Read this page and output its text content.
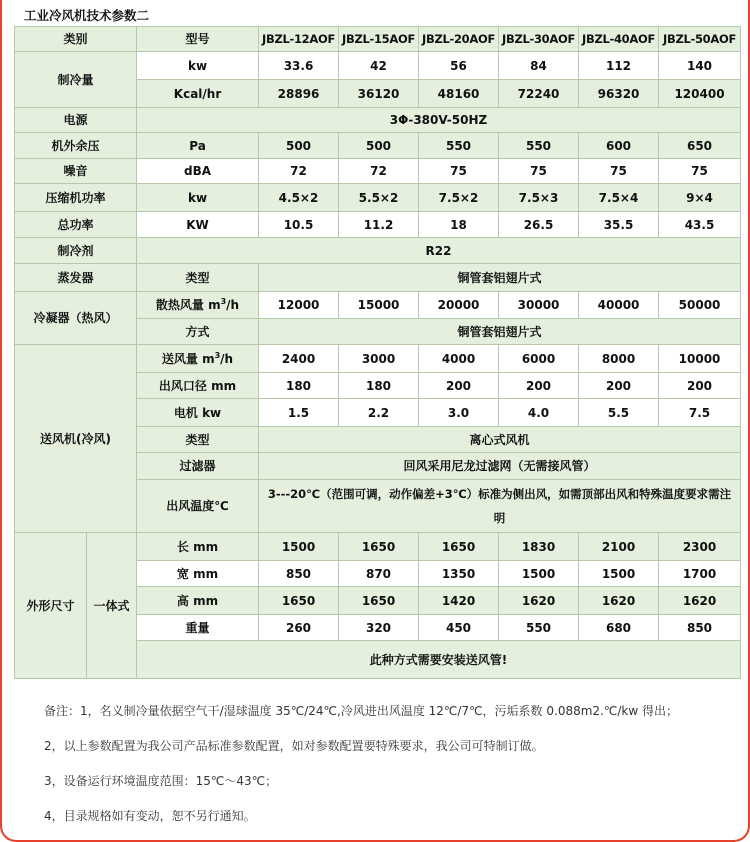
工业冷风机技术参数二
类别		型号	JBZL-12AOF	JBZL-15AOF	JBZL-20AOF	JBZL-30AOF	JBZL-40AOF	JBZL-50AOF
制冷量		kw	33.6	42	56	84	112	140
		Kcal/hr	28896	36120	48160	72240	96320	120400
电源		3Φ-380V-50HZ						
机外余压		Pa	500	500	550	550	600	650
噪音		dBA	72	72	75	75	75	75
压缩机功率		kw	4.5×2	5.5×2	7.5×2	7.5×3	7.5×4	9×4
总功率		KW	10.5	11.2	18	26.5	35.5	43.5
制冷剂		R22						
蒸发器		类型	铜管套铝翅片式					
冷凝器（热风）		散热风量 $m^3/h$	12000	15000	20000	30000	40000	50000
		方式	铜管套铝翅片式					
送风机(冷风)		送风量 $m^3/h$	2400	3000	4000	6000	8000	10000
		出风口径 mm	180	180	200	200	200	200
		电机 kw	1.5	2.2	3.0	4.0	5.5	7.5
		类型	离心式风机					
		过滤器	回风采用尼龙过滤网（无需接风管）					
		出风温度℃	3---20℃（范围可调，动作偏差+3℃）标准为侧出风，如需顶部出风和特殊温度要求需注明					

外形尺寸	一体式	长 mm	1500	1650	1650	1830	2100	2300
		宽 mm	850	870	1350	1500	1500	1700
		高 mm	1650	1650	1420	1620	1620	1620
		重量	260	320	450	550	680	850
		此种方式需要安装送风管!						
备注：1，名义制冷量依据空气干/湿球温度 35℃/24℃,冷风进出风温度 12℃/7℃，污垢系数 0.088m2.℃/kw 得出；
2，以上参数配置为我公司产品标准参数配置，如对参数配置要特殊要求，我公司可特制订做。
3，设备运行环境温度范围：15℃～43℃；
4，目录规格如有变动，恕不另行通知。
